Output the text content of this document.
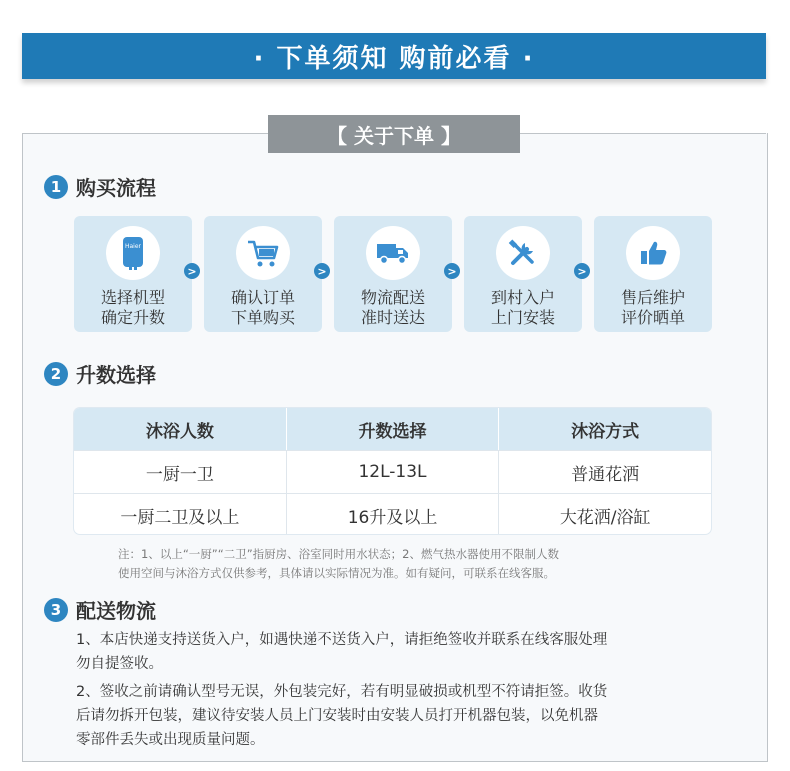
· 下单须知 购前必看 ·
【 关于下单 】
1 购买流程
Haier
选择机型
确定升数
>
确认订单
下单购买
>
物流配送
准时送达
>
到村入户
上门安装
>
售后维护
评价晒单
2 升数选择
沐浴人数	升数选择	沐浴方式
一厨一卫	12L-13L	普通花洒
一厨二卫及以上	16升及以上	大花洒/浴缸
注：1、以上“一厨”“二卫”指厨房、浴室同时用水状态；2、燃气热水器使用不限制人数
使用空间与沐浴方式仅供参考，具体请以实际情况为准。如有疑问，可联系在线客服。
3 配送物流
1、本店快递支持送货入户，如遇快递不送货入户，请拒绝签收并联系在线客服处理
勿自提签收。
2、签收之前请确认型号无误，外包装完好，若有明显破损或机型不符请拒签。收货
后请勿拆开包装，建议待安装人员上门安装时由安装人员打开机器包装，以免机器
零部件丢失或出现质量问题。
